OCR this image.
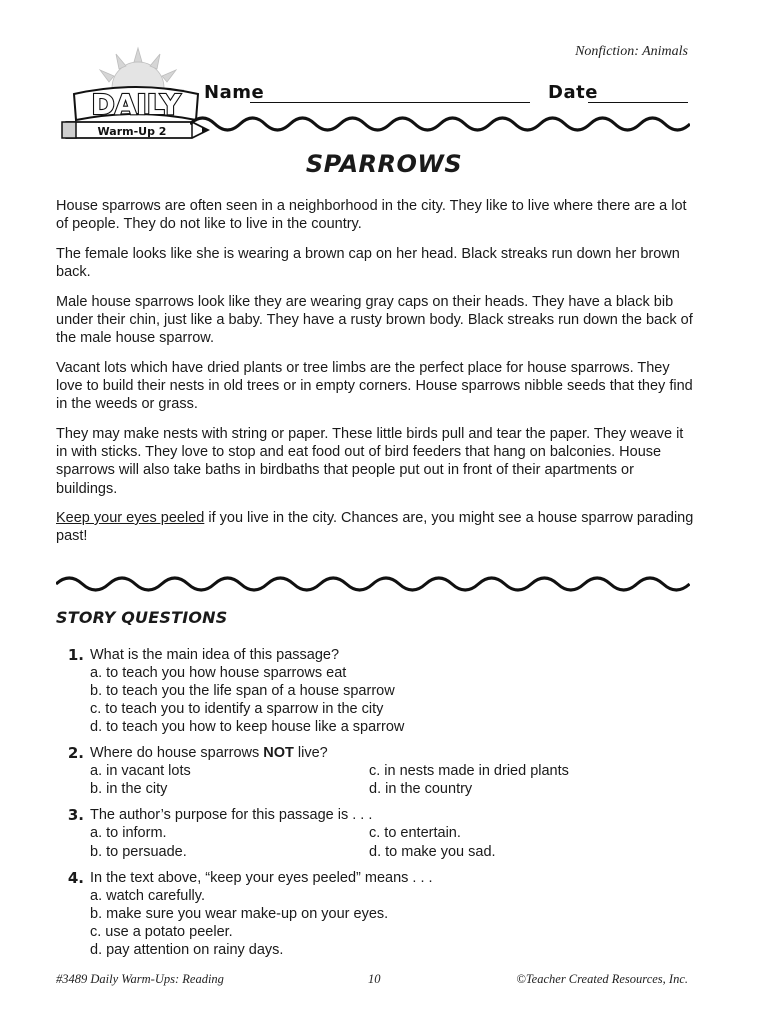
Nonfiction: Animals
DAILY
Warm-Up 2
Name	Date
SPARROWS

House sparrows are often seen in a neighborhood in the city. They like to live where there are a lot of people. They do not like to live in the country.

The female looks like she is wearing a brown cap on her head. Black streaks run down her brown back.

Male house sparrows look like they are wearing gray caps on their heads. They have a black bib under their chin, just like a baby. They have a rusty brown body. Black streaks run down the back of the male house sparrow.

Vacant lots which have dried plants or tree limbs are the perfect place for house sparrows. They love to build their nests in old trees or in empty corners. House sparrows nibble seeds that they find in the weeds or grass.

They may make nests with string or paper. These little birds pull and tear the paper. They weave it in with sticks. They love to stop and eat food out of bird feeders that hang on balconies. House sparrows will also take baths in birdbaths that people put out in front of their apartments or buildings.

Keep your eyes peeled if you live in the city. Chances are, you might see a house sparrow parading past!

STORY QUESTIONS
1. What is the main idea of this passage?
a. to teach you how house sparrows eat
b. to teach you the life span of a house sparrow
c. to teach you to identify a sparrow in the city
d. to teach you how to keep house like a sparrow
2. Where do house sparrows NOT live?
a. in vacant lots
b. in the city
c. in nests made in dried plants
d. in the country
3. The author’s purpose for this passage is . . .
a. to inform.
b. to persuade.
c. to entertain.
d. to make you sad.
4. In the text above, “keep your eyes peeled” means . . .
a. watch carefully.
b. make sure you wear make-up on your eyes.
c. use a potato peeler.
d. pay attention on rainy days.
#3489 Daily Warm-Ups: Reading	10	©Teacher Created Resources, Inc.
